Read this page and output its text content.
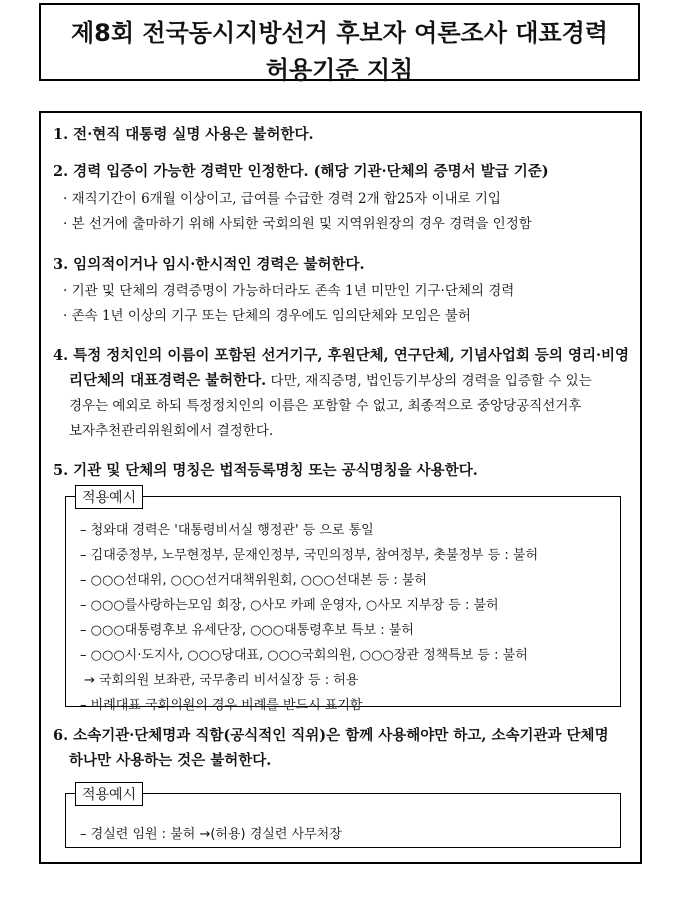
제8회 전국동시지방선거 후보자 여론조사 대표경력
허용기준 지침
1. 전·현직 대통령 실명 사용은 불허한다.
2. 경력 입증이 가능한 경력만 인정한다. (해당 기관·단체의 증명서 발급 기준)
· 재직기간이 6개월 이상이고, 급여를 수급한 경력 2개 합25자 이내로 기입
· 본 선거에 출마하기 위해 사퇴한 국회의원 및 지역위원장의 경우 경력을 인정함
3. 임의적이거나 임시·한시적인 경력은 불허한다.
· 기관 및 단체의 경력증명이 가능하더라도 존속 1년 미만인 기구·단체의 경력
· 존속 1년 이상의 기구 또는 단체의 경우에도 임의단체와 모임은 불허
4. 특정 정치인의 이름이 포함된 선거기구, 후원단체, 연구단체, 기념사업회 등의 영리·비영
리단체의 대표경력은 불허한다. 다만, 재직증명, 법인등기부상의 경력을 입증할 수 있는
경우는 예외로 하되 특정정치인의 이름은 포함할 수 없고, 최종적으로 중앙당공직선거후
보자추천관리위원회에서 결정한다.
5. 기관 및 단체의 명칭은 법적등록명칭 또는 공식명칭을 사용한다.
– 청와대 경력은 '대통령비서실 행정관' 등 으로 통일
– 김대중정부, 노무현정부, 문재인정부, 국민의정부, 참여정부, 촛불정부 등 : 불허
– ○○○선대위, ○○○선거대책위원회, ○○○선대본 등 : 불허
– ○○○를사랑하는모임 회장, ○사모 카페 운영자, ○사모 지부장 등 : 불허
– ○○○대통령후보 유세단장, ○○○대통령후보 특보 : 불허
– ○○○시·도지사, ○○○당대표, ○○○국회의원, ○○○장관 정책특보 등 : 불허
→ 국회의원 보좌관, 국무총리 비서실장 등 : 허용
– 비례대표 국회의원의 경우 비례를 반드시 표기함
적용예시
6. 소속기관·단체명과 직함(공식적인 직위)은 함께 사용해야만 하고, 소속기관과 단체명
하나만 사용하는 것은 불허한다.
– 경실련 임원 : 불허 →(허용) 경실련 사무처장
적용예시
